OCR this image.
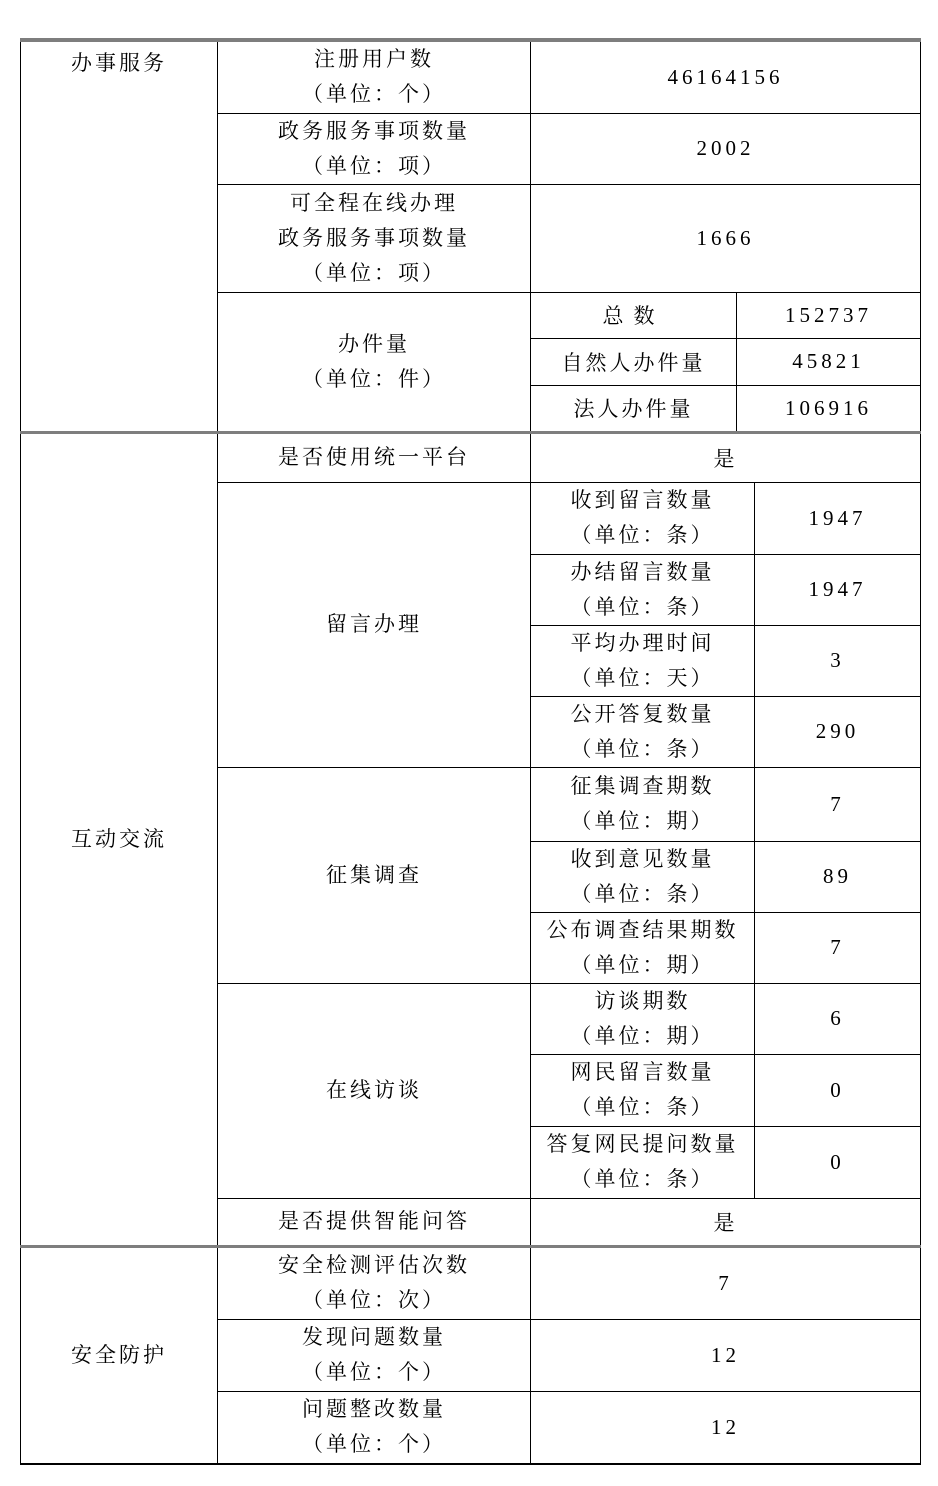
办事服务	注册用户数
（单位：个）	46164156		

	政务服务事项数量
（单位：项）	2002		

	可全程在线办理
政务服务事项数量
（单位：项）	1666		

	办件量
（单位：件）	总数	152737	
		自然人办件量	45821	
		法人办件量	106916	

互动交流	是否使用统一平台	是		

	留言办理	收到留言数量
（单位：条）		1947

		办结留言数量
（单位：条）		1947

		平均办理时间
（单位：天）		3

		公开答复数量
（单位：条）		290

	征集调查	征集调查期数
（单位：期）		7

		收到意见数量
（单位：条）		89

		公布调查结果期数
（单位：期）		7

	在线访谈	访谈期数
（单位：期）		6

		网民留言数量
（单位：条）		0

		答复网民提问数量
（单位：条）		0

	是否提供智能问答	是		

安全防护	安全检测评估次数
（单位：次）	7		

	发现问题数量
（单位：个）	12		

	问题整改数量
（单位：个）	12		
